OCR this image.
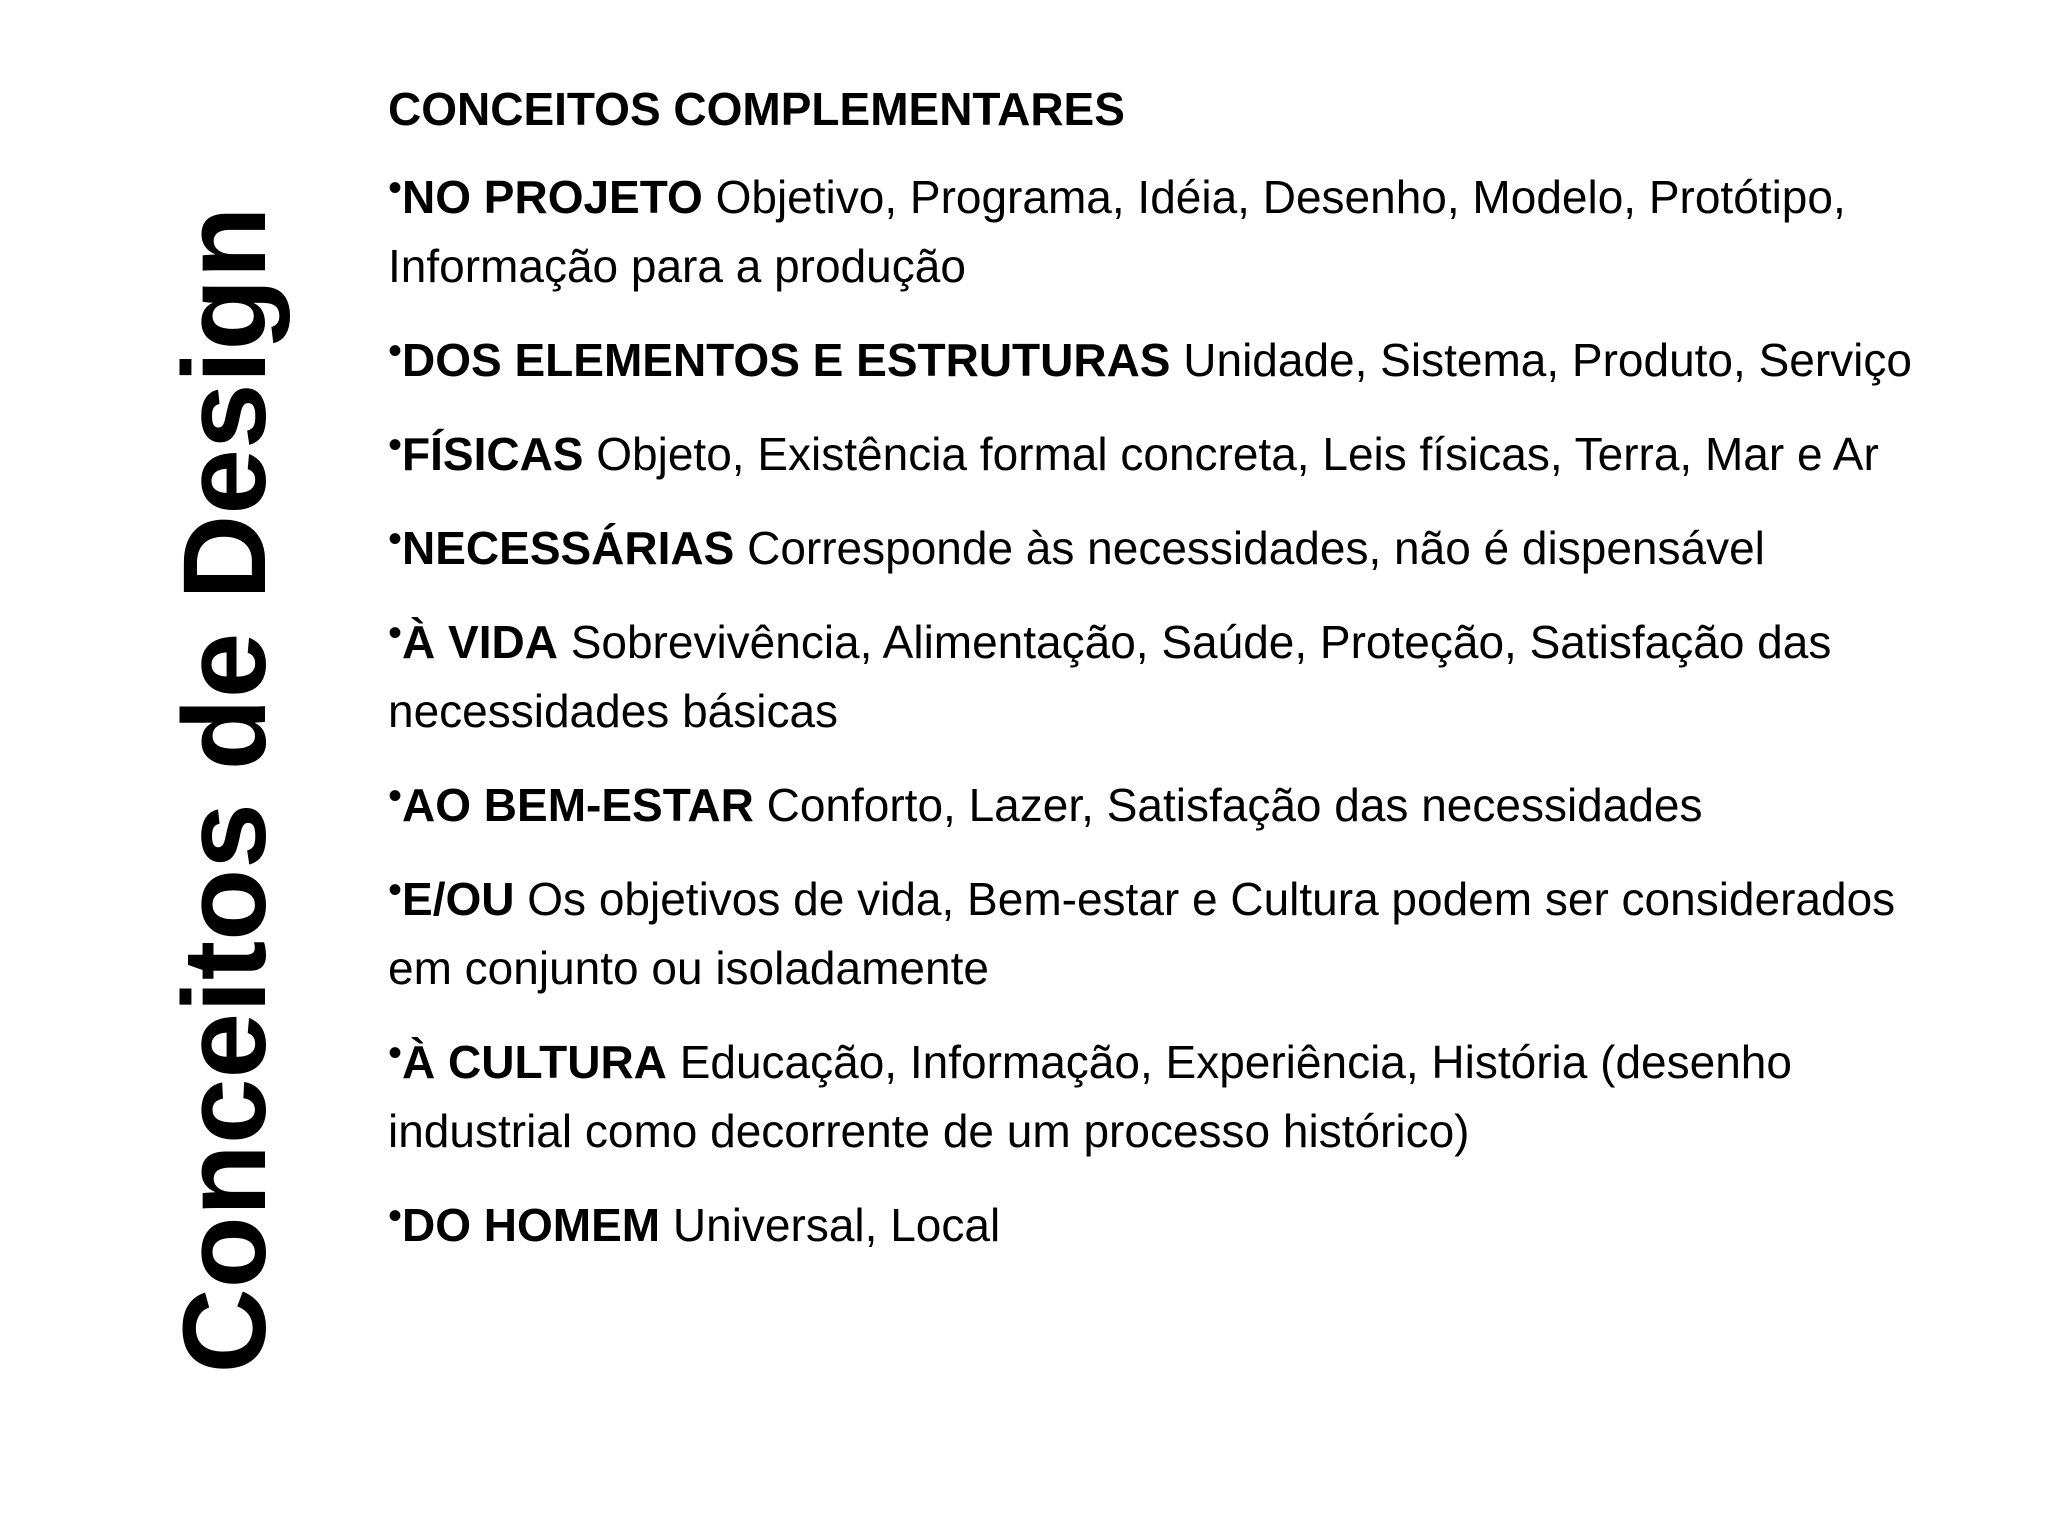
Conceitos de Design
CONCEITOS COMPLEMENTARES
•NO PROJETO Objetivo, Programa, Idéia, Desenho, Modelo, Protótipo, Informação para a produção
•DOS ELEMENTOS E ESTRUTURAS Unidade, Sistema, Produto, Serviço
•FÍSICAS Objeto, Existência formal concreta, Leis físicas, Terra, Mar e Ar
•NECESSÁRIAS Corresponde às necessidades, não é dispensável
•À VIDA Sobrevivência, Alimentação, Saúde, Proteção, Satisfação das necessidades básicas
•AO BEM-ESTAR Conforto, Lazer, Satisfação das necessidades
•E/OU Os objetivos de vida, Bem-estar e Cultura podem ser considerados em conjunto ou isoladamente
•À CULTURA Educação, Informação, Experiência, História (desenho industrial como decorrente de um processo histórico)
•DO HOMEM Universal, Local
